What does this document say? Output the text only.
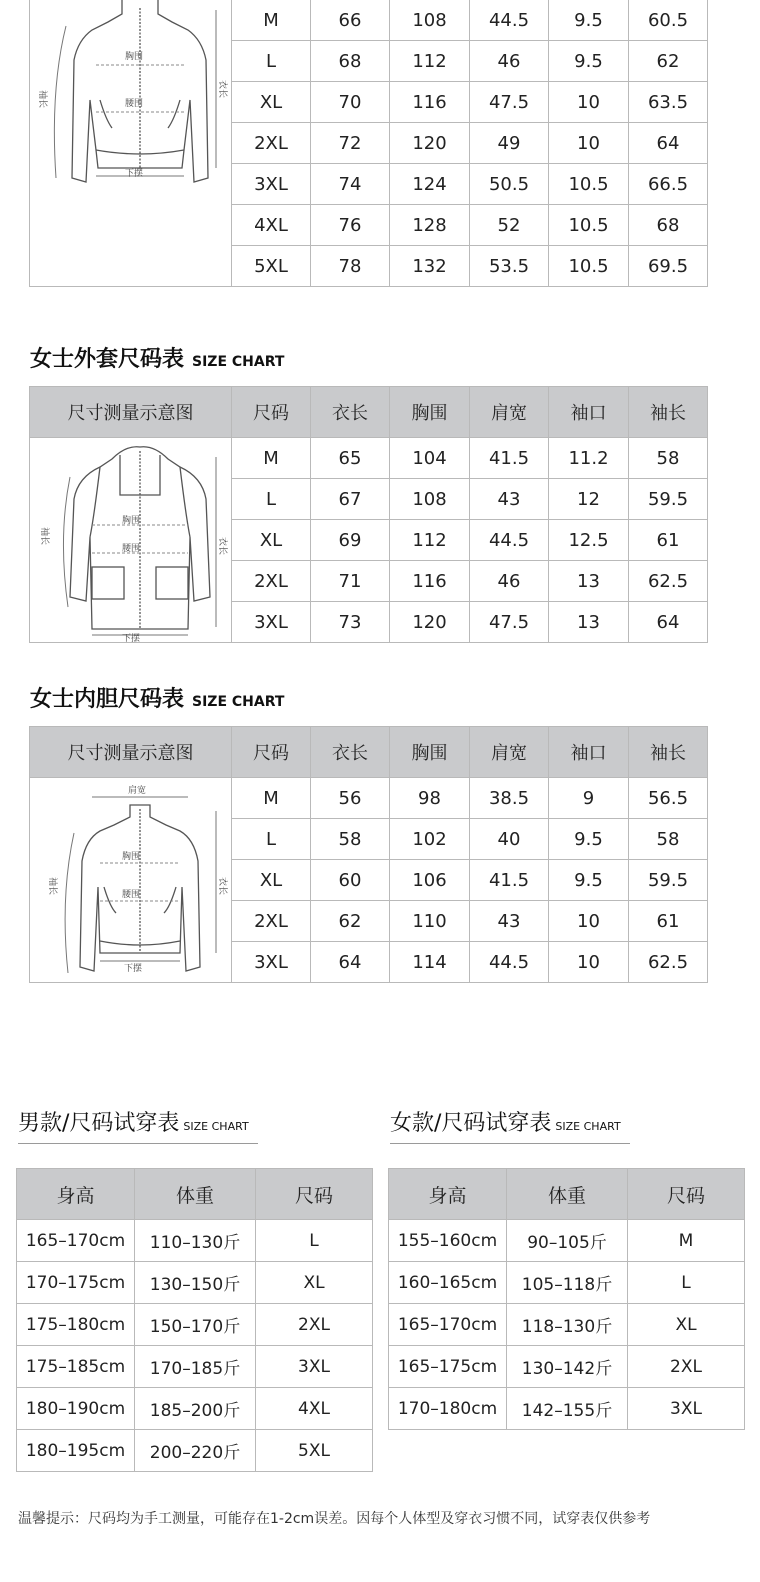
	M	66	108	44.5	9.5	60.5
	L	68	112	46	9.5	62
	XL	70	116	47.5	10	63.5
	2XL	72	120	49	10	64
	3XL	74	124	50.5	10.5	66.5
	4XL	76	128	52	10.5	68
	5XL	78	132	53.5	10.5	69.5
胸围
腰围
下摆
袖长
衣长
女士外套尺码表 SIZE CHART
尺寸测量示意图	尺码	衣长	胸围	肩宽	袖口	袖长
	M	65	104	41.5	11.2	58
	L	67	108	43	12	59.5
	XL	69	112	44.5	12.5	61
	2XL	71	116	46	13	62.5
	3XL	73	120	47.5	13	64
胸围
腰围
下摆
袖长
衣长
女士内胆尺码表 SIZE CHART
尺寸测量示意图	尺码	衣长	胸围	肩宽	袖口	袖长
	M	56	98	38.5	9	56.5
	L	58	102	40	9.5	58
	XL	60	106	41.5	9.5	59.5
	2XL	62	110	43	10	61
	3XL	64	114	44.5	10	62.5
肩宽
胸围
腰围
下摆
袖长	衣长
男款/尺码试穿表 SIZE CHART
身高	体重	尺码
165–170cm	110–130斤	L
170–175cm	130–150斤	XL
175–180cm	150–170斤	2XL
175–185cm	170–185斤	3XL
180–190cm	185–200斤	4XL
180–195cm	200–220斤	5XL
女款/尺码试穿表 SIZE CHART
身高	体重	尺码
155–160cm	90–105斤	M
160–165cm	105–118斤	L
165–170cm	118–130斤	XL
165–175cm	130–142斤	2XL
170–180cm	142–155斤	3XL
温馨提示：尺码均为手工测量，可能存在1-2cm误差。因每个人体型及穿衣习惯不同，试穿表仅供参考
